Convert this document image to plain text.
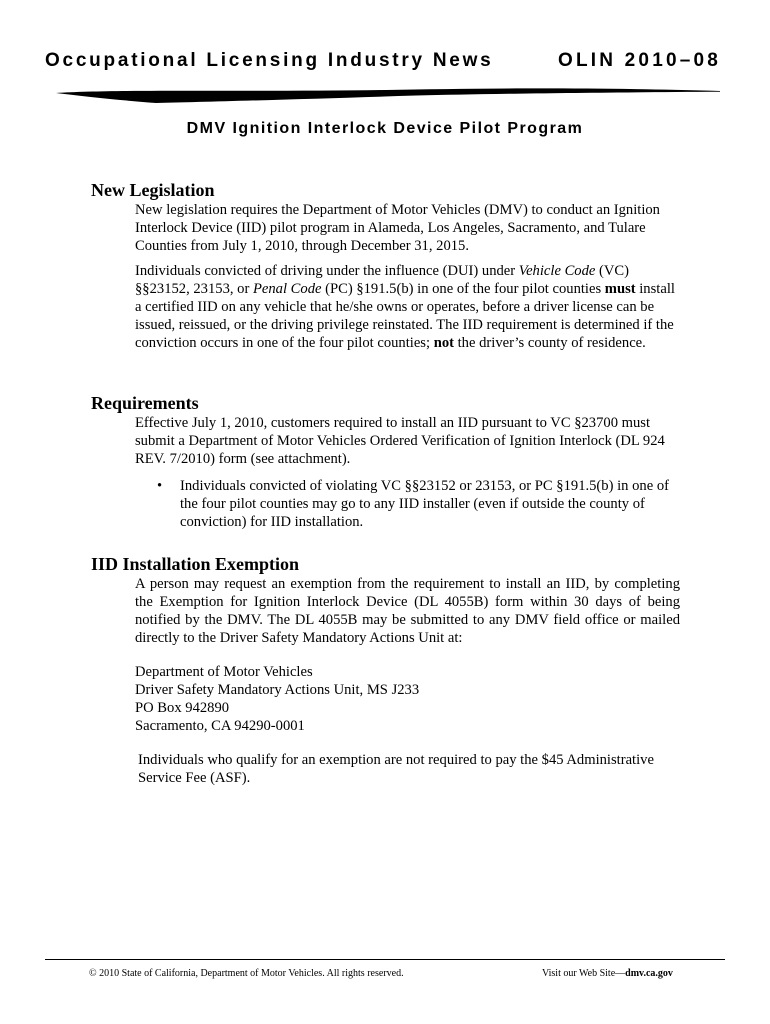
Occupational Licensing Industry News	OLIN 2010–08
DMV Ignition Interlock Device Pilot Program
New Legislation

New legislation requires the Department of Motor Vehicles (DMV) to conduct an Ignition Interlock Device (IID) pilot program in Alameda, Los Angeles, Sacramento, and Tulare Counties from July 1, 2010, through December 31, 2015.

Individuals convicted of driving under the influence (DUI) under Vehicle Code (VC) §§23152, 23153, or Penal Code (PC) §191.5(b) in one of the four pilot counties must install a certified IID on any vehicle that he/she owns or operates, before a driver license can be issued, reissued, or the driving privilege reinstated. The IID requirement is determined if the conviction occurs in one of the four pilot counties; not the driver’s county of residence.

Requirements

Effective July 1, 2010, customers required to install an IID pursuant to VC §23700 must submit a Department of Motor Vehicles Ordered Verification of Ignition Interlock (DL 924 REV. 7/2010) form (see attachment).

• Individuals convicted of violating VC §§23152 or 23153, or PC §191.5(b) in one of the four pilot counties may go to any IID installer (even if outside the county of conviction) for IID installation.

IID Installation Exemption

A person may request an exemption from the requirement to install an IID, by completing the Exemption for Ignition Interlock Device (DL 4055B) form within 30 days of being notified by the DMV. The DL 4055B may be submitted to any DMV field office or mailed directly to the Driver Safety Mandatory Actions Unit at:

Department of Motor Vehicles
Driver Safety Mandatory Actions Unit, MS J233
PO Box 942890
Sacramento, CA 94290-0001

Individuals who qualify for an exemption are not required to pay the $45 Administrative Service Fee (ASF).

© 2010 State of California, Department of Motor Vehicles. All rights reserved.	Visit our Web Site—dmv.ca.gov
